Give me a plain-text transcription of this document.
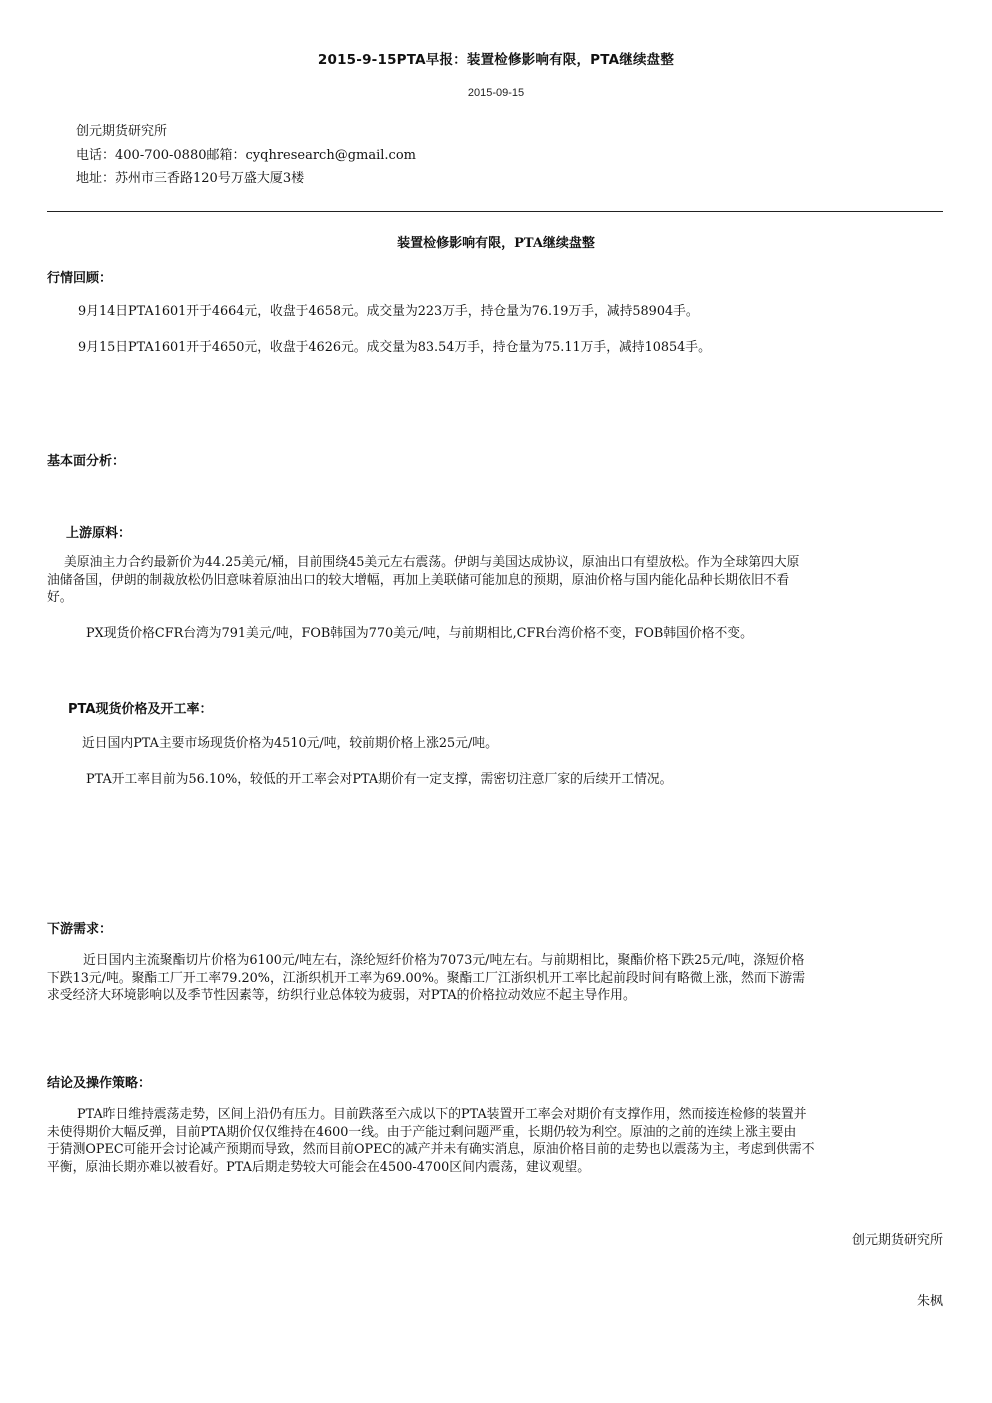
2015-9-15PTA早报：装置检修影响有限，PTA继续盘整
2015-09-15
创元期货研究所
电话：400-700-0880邮箱：cyqhresearch@gmail.com
地址：苏州市三香路120号万盛大厦3楼
装置检修影响有限，PTA继续盘整
行情回顾：
9月14日PTA1601开于4664元，收盘于4658元。成交量为223万手，持仓量为76.19万手，减持58904手。
9月15日PTA1601开于4650元，收盘于4626元。成交量为83.54万手，持仓量为75.11万手，减持10854手。
基本面分析：
上游原料：
美原油主力合约最新价为44.25美元/桶，目前围绕45美元左右震荡。伊朗与美国达成协议，原油出口有望放松。作为全球第四大原
油储备国，伊朗的制裁放松仍旧意味着原油出口的较大增幅，再加上美联储可能加息的预期，原油价格与国内能化品种长期依旧不看
好。
PX现货价格CFR台湾为791美元/吨，FOB韩国为770美元/吨，与前期相比,CFR台湾价格不变，FOB韩国价格不变。
PTA现货价格及开工率：
近日国内PTA主要市场现货价格为4510元/吨，较前期价格上涨25元/吨。
PTA开工率目前为56.10%，较低的开工率会对PTA期价有一定支撑，需密切注意厂家的后续开工情况。
下游需求：
近日国内主流聚酯切片价格为6100元/吨左右，涤纶短纤价格为7073元/吨左右。与前期相比，聚酯价格下跌25元/吨，涤短价格
下跌13元/吨。聚酯工厂开工率79.20%，江浙织机开工率为69.00%。聚酯工厂江浙织机开工率比起前段时间有略微上涨，然而下游需
求受经济大环境影响以及季节性因素等，纺织行业总体较为疲弱，对PTA的价格拉动效应不起主导作用。
结论及操作策略：
PTA昨日维持震荡走势，区间上沿仍有压力。目前跌落至六成以下的PTA装置开工率会对期价有支撑作用，然而接连检修的装置并
未使得期价大幅反弹，目前PTA期价仅仅维持在4600一线。由于产能过剩问题严重，长期仍较为利空。原油的之前的连续上涨主要由
于猜测OPEC可能开会讨论减产预期而导致，然而目前OPEC的减产并未有确实消息，原油价格目前的走势也以震荡为主，考虑到供需不
平衡，原油长期亦难以被看好。PTA后期走势较大可能会在4500-4700区间内震荡，建议观望。
创元期货研究所
朱枫
